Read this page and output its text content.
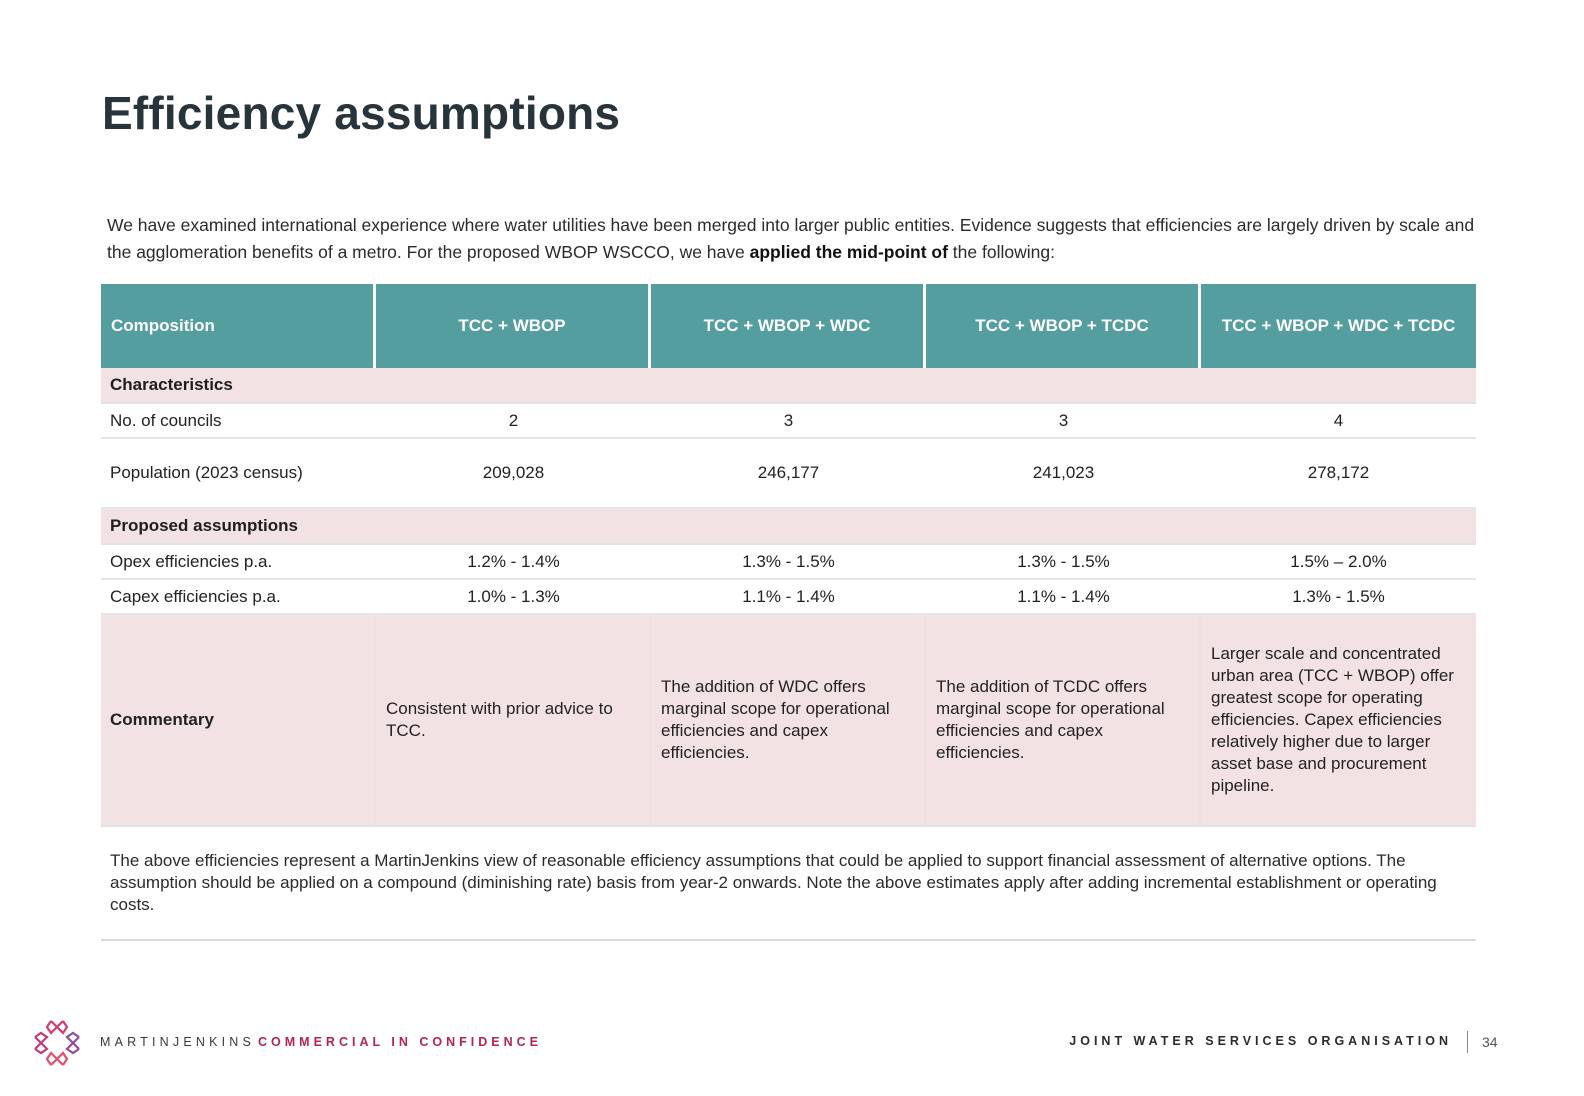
Efficiency assumptions
We have examined international experience where water utilities have been merged into larger public entities. Evidence suggests that efficiencies are largely driven by scale and the agglomeration benefits of a metro. For the proposed WBOP WSCCO, we have applied the mid-point of the following:
Composition	TCC + WBOP	TCC + WBOP + WDC	TCC + WBOP + TCDC	TCC + WBOP + WDC + TCDC
Characteristics				
No. of councils	2	3	3	4
Population (2023 census)	209,028	246,177	241,023	278,172
Proposed assumptions				
Opex efficiencies p.a.	1.2% - 1.4%	1.3% - 1.5%	1.3% - 1.5%	1.5% – 2.0%
Capex efficiencies p.a.	1.0% - 1.3%	1.1% - 1.4%	1.1% - 1.4%	1.3% - 1.5%
Commentary	Consistent with prior advice to TCC.	The addition of WDC offers marginal scope for operational efficiencies and capex efficiencies.	The addition of TCDC offers marginal scope for operational efficiencies and capex efficiencies.	Larger scale and concentrated urban area (TCC + WBOP) offer greatest scope for operating efficiencies. Capex efficiencies relatively higher due to larger asset base and procurement pipeline.
The above efficiencies represent a MartinJenkins view of reasonable efficiency assumptions that could be applied to support financial assessment of alternative options. The assumption should be applied on a compound (diminishing rate) basis from year-2 onwards. Note the above estimates apply after adding incremental establishment or operating costs.
MARTINJENKINS COMMERCIAL IN CONFIDENCE	JOINT WATER SERVICES ORGANISATION 34
